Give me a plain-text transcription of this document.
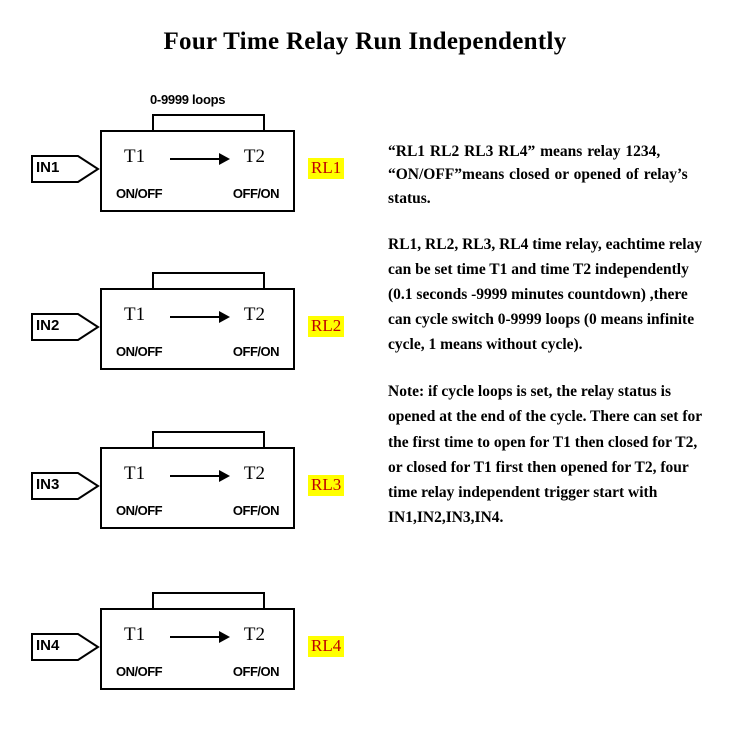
Four Time Relay Run Independently
0-9999 loops
IN1
T1	T2
ON/OFF	OFF/ON
RL1
IN2
T1	T2
ON/OFF	OFF/ON
RL2
IN3
T1	T2
ON/OFF	OFF/ON
RL3
IN4
T1	T2
ON/OFF	OFF/ON
RL4
“RL1 RL2 RL3 RL4” means relay 1234, “ON/OFF”means closed or opened of relay’s status.
RL1, RL2, RL3, RL4 time relay, eachtime relay can be set time T1 and time T2 independently (0.1 seconds -9999 minutes countdown) ,there can cycle switch 0-9999 loops (0 means infinite cycle, 1 means without cycle).
Note: if cycle loops is set, the relay status is opened at the end of the cycle. There can set for the first time to open for T1 then closed for T2, or closed for T1 first then opened for T2, four time relay independent trigger start with IN1,IN2,IN3,IN4.
